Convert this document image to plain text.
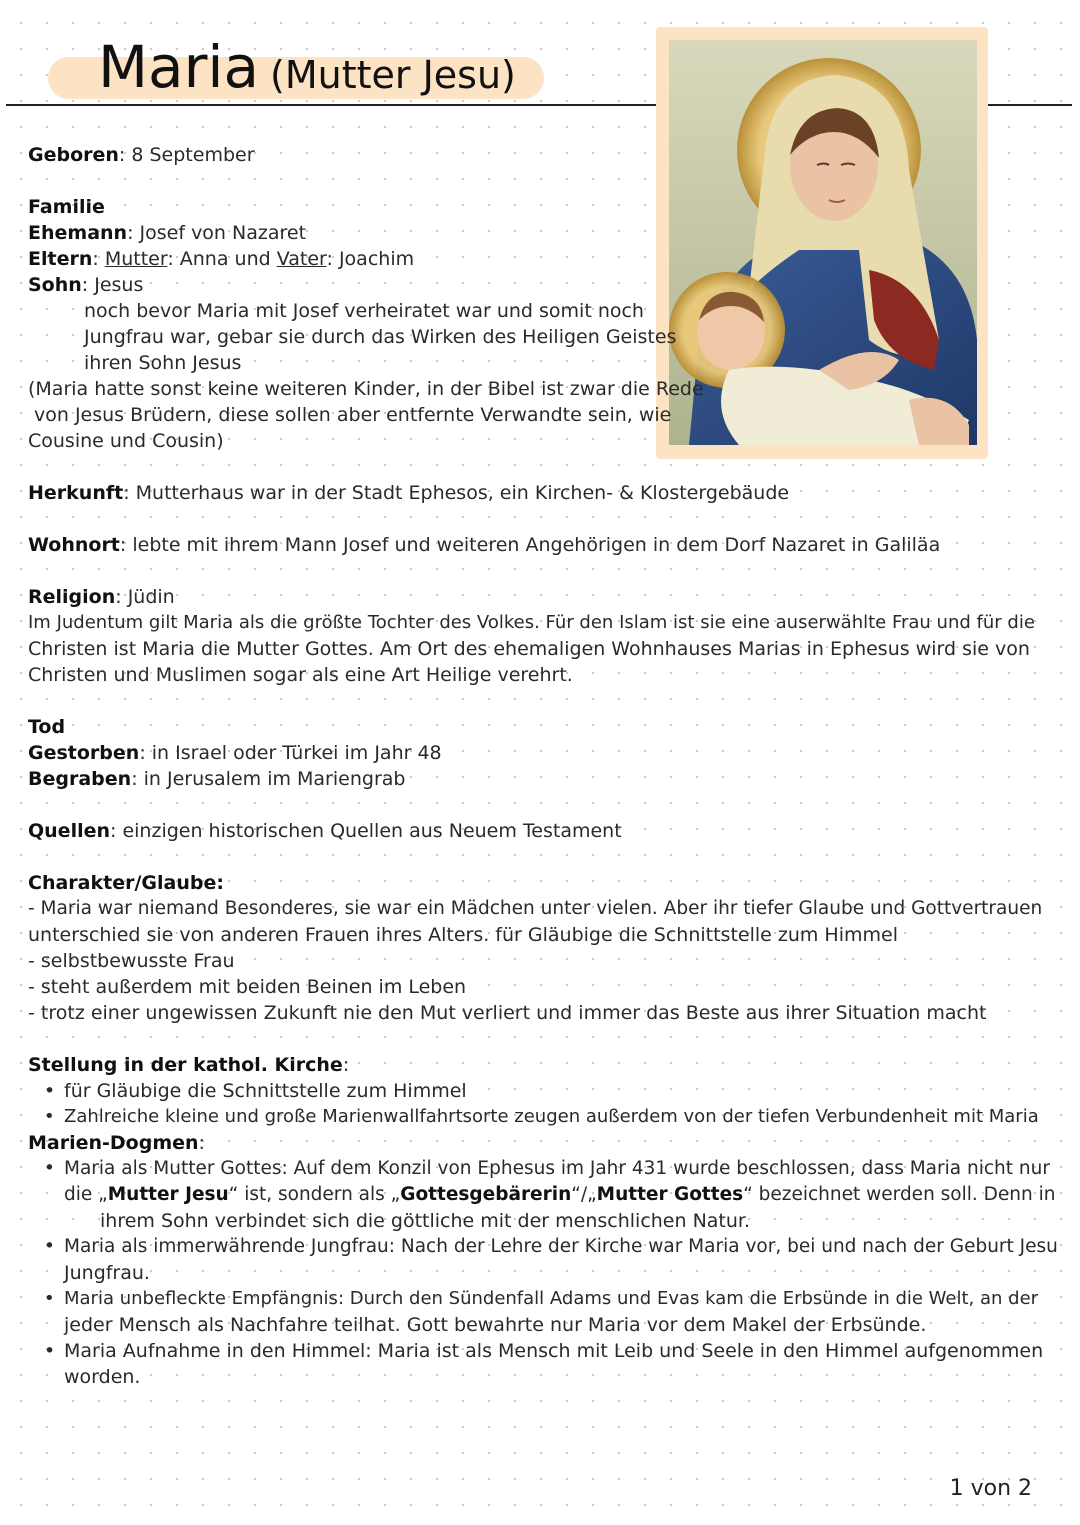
Maria (Mutter Jesu)
Geboren: 8 September
Familie
Ehemann: Josef von Nazaret
Eltern: Mutter: Anna und Vater: Joachim
Sohn: Jesus
noch bevor Maria mit Josef verheiratet war und somit noch
Jungfrau war, gebar sie durch das Wirken des Heiligen Geistes
ihren Sohn Jesus
(Maria hatte sonst keine weiteren Kinder, in der Bibel ist zwar die Rede
von Jesus Brüdern, diese sollen aber entfernte Verwandte sein, wie
Cousine und Cousin)
Herkunft: Mutterhaus war in der Stadt Ephesos, ein Kirchen- & Klostergebäude
Wohnort: lebte mit ihrem Mann Josef und weiteren Angehörigen in dem Dorf Nazaret in Galiläa
Religion: Jüdin
Im Judentum gilt Maria als die größte Tochter des Volkes. Für den Islam ist sie eine auserwählte Frau und für die
Christen ist Maria die Mutter Gottes. Am Ort des ehemaligen Wohnhauses Marias in Ephesus wird sie von
Christen und Muslimen sogar als eine Art Heilige verehrt.
Tod
Gestorben: in Israel oder Türkei im Jahr 48
Begraben: in Jerusalem im Mariengrab
Quellen: einzigen historischen Quellen aus Neuem Testament
Charakter/Glaube:
- Maria war niemand Besonderes, sie war ein Mädchen unter vielen. Aber ihr tiefer Glaube und Gottvertrauen
unterschied sie von anderen Frauen ihres Alters. für Gläubige die Schnittstelle zum Himmel
- selbstbewusste Frau
- steht außerdem mit beiden Beinen im Leben
- trotz einer ungewissen Zukunft nie den Mut verliert und immer das Beste aus ihrer Situation macht
Stellung in der kathol. Kirche:
• für Gläubige die Schnittstelle zum Himmel
• Zahlreiche kleine und große Marienwallfahrtsorte zeugen außerdem von der tiefen Verbundenheit mit Maria
Marien-Dogmen:
• Maria als Mutter Gottes: Auf dem Konzil von Ephesus im Jahr 431 wurde beschlossen, dass Maria nicht nur
die „Mutter Jesu“ ist, sondern als „Gottesgebärerin“/„Mutter Gottes“ bezeichnet werden soll. Denn in
ihrem Sohn verbindet sich die göttliche mit der menschlichen Natur.
• Maria als immerwährende Jungfrau: Nach der Lehre der Kirche war Maria vor, bei und nach der Geburt Jesu
Jungfrau.
• Maria unbefleckte Empfängnis: Durch den Sündenfall Adams und Evas kam die Erbsünde in die Welt, an der
jeder Mensch als Nachfahre teilhat. Gott bewahrte nur Maria vor dem Makel der Erbsünde.
• Maria Aufnahme in den Himmel: Maria ist als Mensch mit Leib und Seele in den Himmel aufgenommen
worden.
1 von 2
